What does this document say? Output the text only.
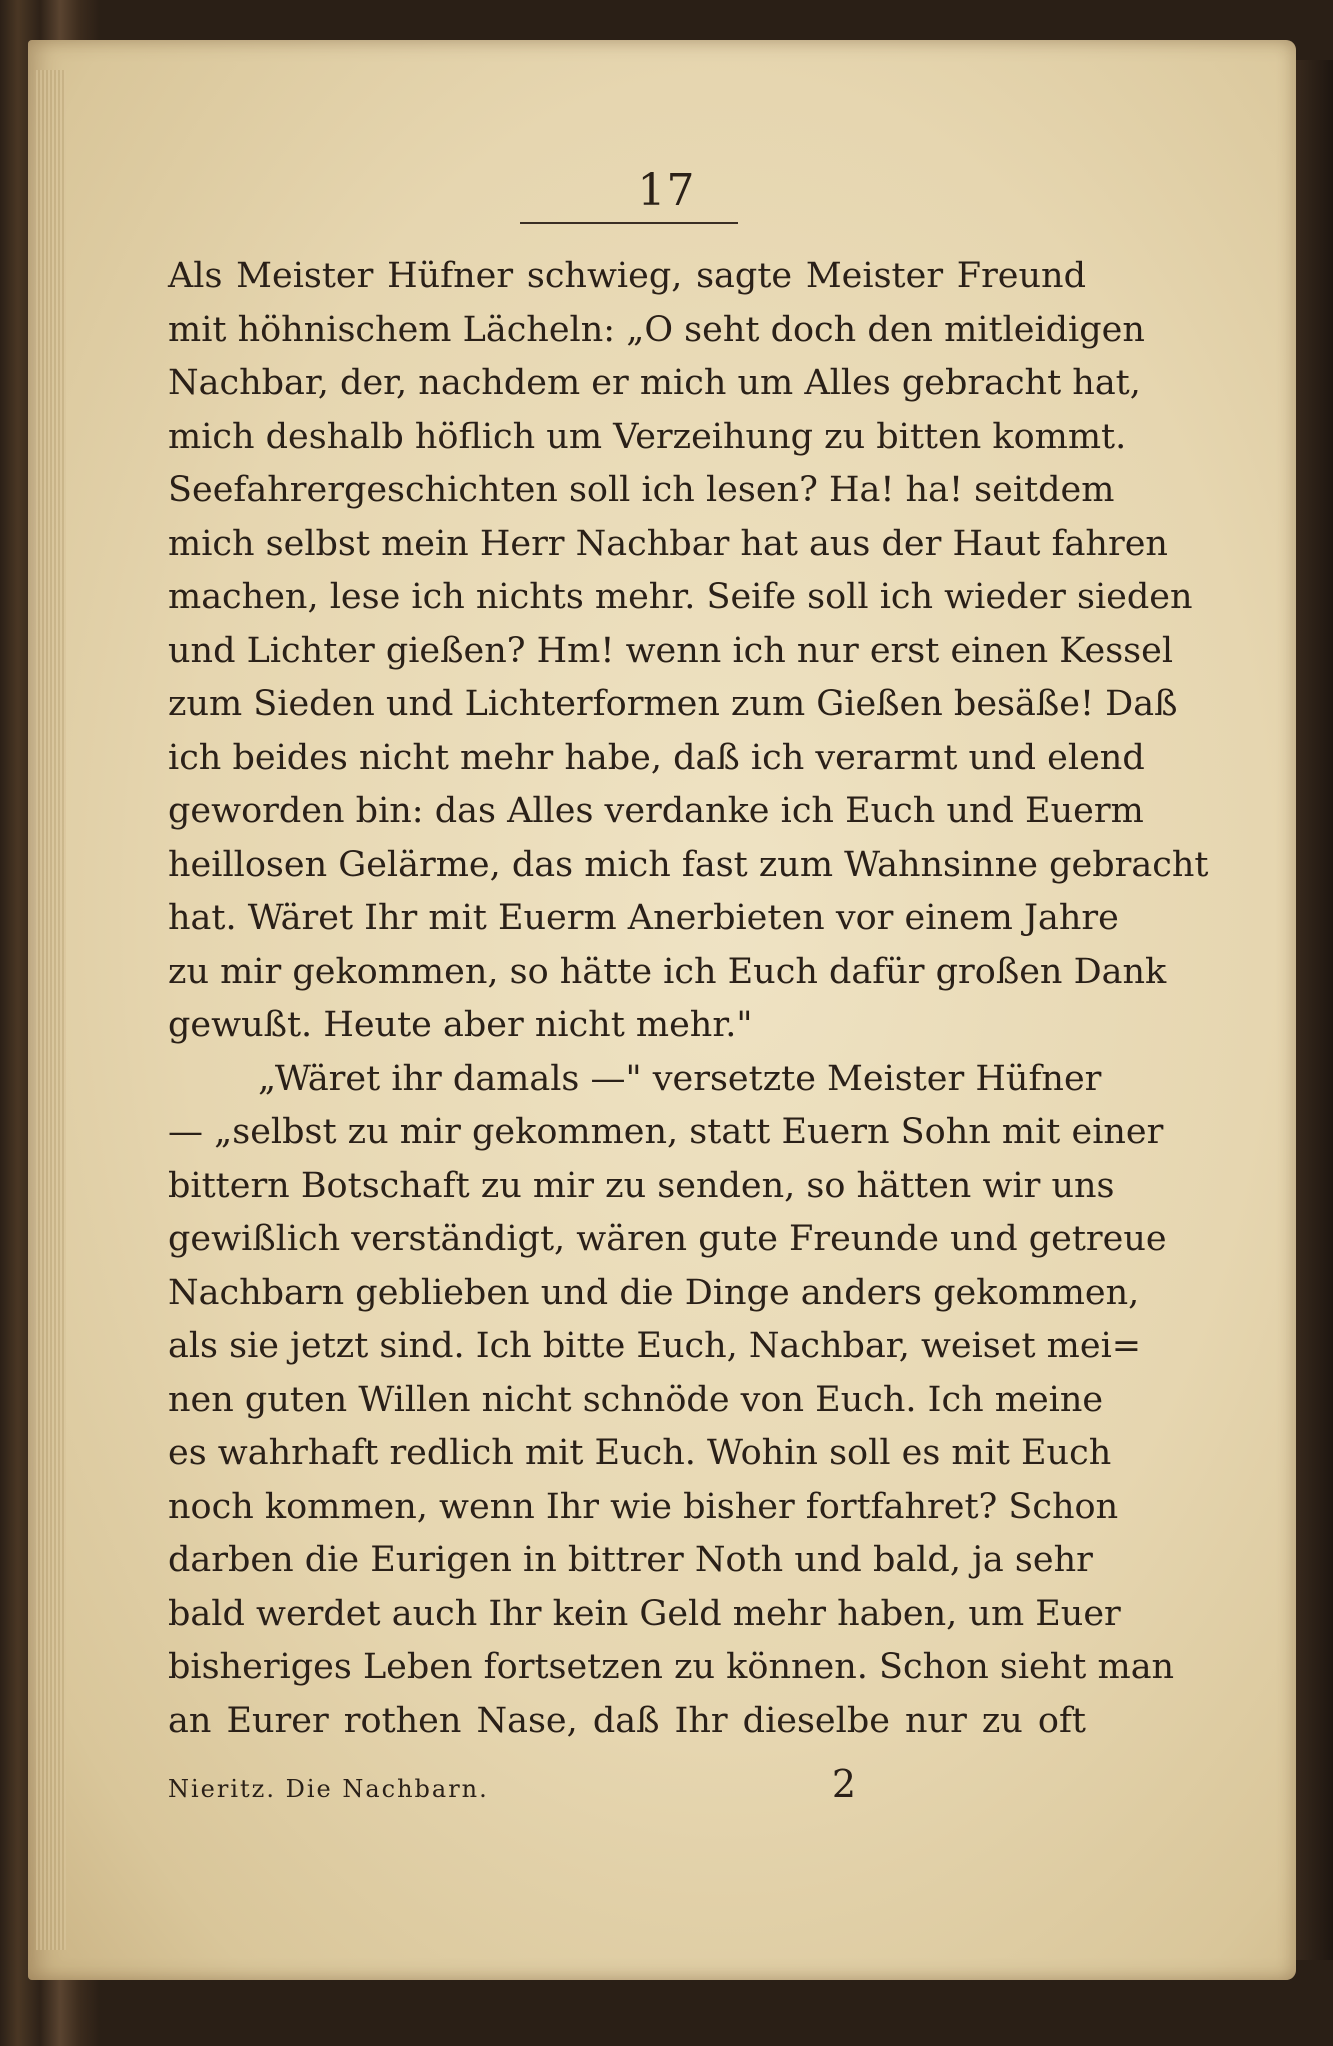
17
Als Meister Hüfner schwieg, sagte Meister Freund
mit höhnischem Lächeln: „O seht doch den mitleidigen
Nachbar, der, nachdem er mich um Alles gebracht hat,
mich deshalb höflich um Verzeihung zu bitten kommt.
Seefahrergeschichten soll ich lesen? Ha! ha! seitdem
mich selbst mein Herr Nachbar hat aus der Haut fahren
machen, lese ich nichts mehr. Seife soll ich wieder sieden
und Lichter gießen? Hm! wenn ich nur erst einen Kessel
zum Sieden und Lichterformen zum Gießen besäße! Daß
ich beides nicht mehr habe, daß ich verarmt und elend
geworden bin: das Alles verdanke ich Euch und Euerm
heillosen Gelärme, das mich fast zum Wahnsinne gebracht
hat. Wäret Ihr mit Euerm Anerbieten vor einem Jahre
zu mir gekommen, so hätte ich Euch dafür großen Dank
gewußt. Heute aber nicht mehr."
„Wäret ihr damals —" versetzte Meister Hüfner
— „selbst zu mir gekommen, statt Euern Sohn mit einer
bittern Botschaft zu mir zu senden, so hätten wir uns
gewißlich verständigt, wären gute Freunde und getreue
Nachbarn geblieben und die Dinge anders gekommen,
als sie jetzt sind. Ich bitte Euch, Nachbar, weiset mei=
nen guten Willen nicht schnöde von Euch. Ich meine
es wahrhaft redlich mit Euch. Wohin soll es mit Euch
noch kommen, wenn Ihr wie bisher fortfahret? Schon
darben die Eurigen in bittrer Noth und bald, ja sehr
bald werdet auch Ihr kein Geld mehr haben, um Euer
bisheriges Leben fortsetzen zu können. Schon sieht man
an Eurer rothen Nase, daß Ihr dieselbe nur zu oft
Nieritz. Die Nachbarn.	2
